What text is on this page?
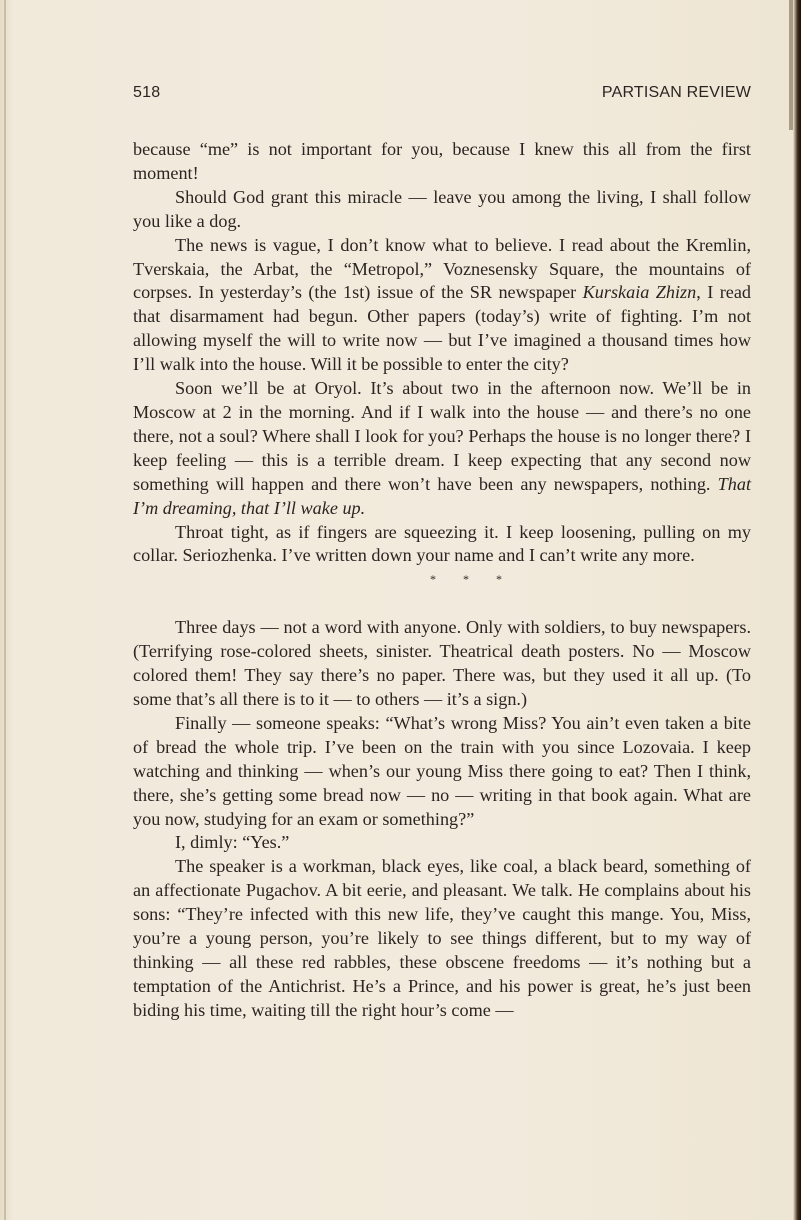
518	PARTISAN REVIEW

because “me” is not important for you, because I knew this all from the first moment!

Should God grant this miracle — leave you among the living, I shall follow you like a dog.

The news is vague, I don’t know what to believe. I read about the Kremlin, Tverskaia, the Arbat, the “Metropol,” Voznesensky Square, the mountains of corpses. In yesterday’s (the 1st) issue of the SR newspaper Kurskaia Zhizn, I read that disarmament had begun. Other papers (today’s) write of fighting. I’m not allowing myself the will to write now — but I’ve imagined a thousand times how I’ll walk into the house. Will it be possible to enter the city?

Soon we’ll be at Oryol. It’s about two in the afternoon now. We’ll be in Moscow at 2 in the morning. And if I walk into the house — and there’s no one there, not a soul? Where shall I look for you? Perhaps the house is no longer there? I keep feeling — this is a terrible dream. I keep expecting that any second now something will happen and there won’t have been any newspapers, nothing. That I’m dreaming, that I’ll wake up.

Throat tight, as if fingers are squeezing it. I keep loosening, pulling on my collar. Seriozhenka. I’ve written down your name and I can’t write any more.

* * *

Three days — not a word with anyone. Only with soldiers, to buy newspapers. (Terrifying rose-colored sheets, sinister. Theatrical death posters. No — Moscow colored them! They say there’s no paper. There was, but they used it all up. (To some that’s all there is to it — to others — it’s a sign.)

Finally — someone speaks: “What’s wrong Miss? You ain’t even taken a bite of bread the whole trip. I’ve been on the train with you since Lozovaia. I keep watching and thinking — when’s our young Miss there going to eat? Then I think, there, she’s getting some bread now — no — writing in that book again. What are you now, studying for an exam or something?”

I, dimly: “Yes.”

The speaker is a workman, black eyes, like coal, a black beard, something of an affectionate Pugachov. A bit eerie, and pleasant. We talk. He complains about his sons: “They’re infected with this new life, they’ve caught this mange. You, Miss, you’re a young person, you’re likely to see things different, but to my way of thinking — all these red rabbles, these obscene freedoms — it’s nothing but a temptation of the Antichrist. He’s a Prince, and his power is great, he’s just been biding his time, waiting till the right hour’s come —
